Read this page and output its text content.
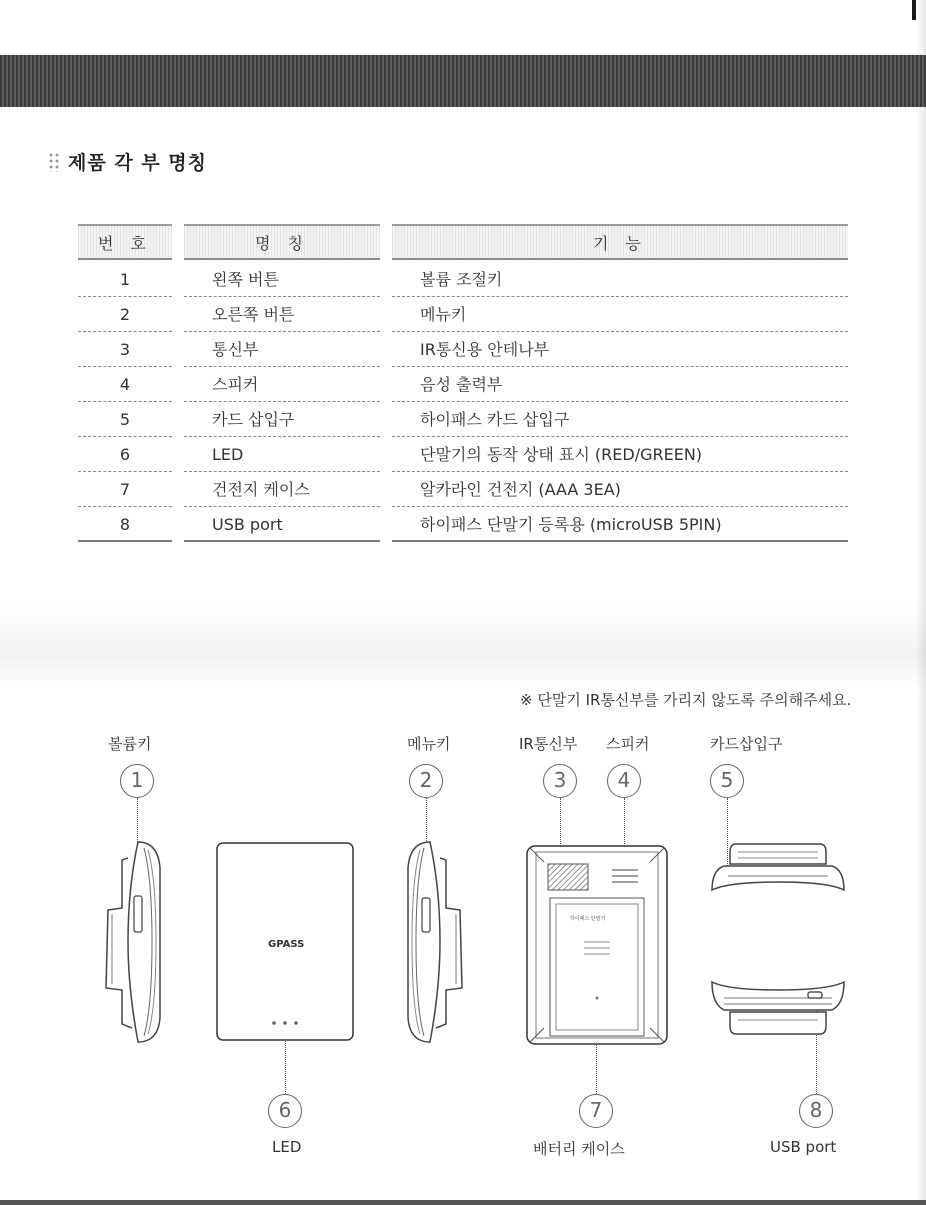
제품 각 부 명칭
번 호	명 칭	기 능
1	왼쪽 버튼	볼륨 조절키
2	오른쪽 버튼	메뉴키
3	통신부	IR통신용 안테나부
4	스피커	음성 출력부
5	카드 삽입구	하이패스 카드 삽입구
6	LED	단말기의 동작 상태 표시 (RED/GREEN)
7	건전지 케이스	알카라인 건전지 (AAA 3EA)
8	USB port	하이패스 단말기 등록용 (microUSB 5PIN)
※ 단말기 IR통신부를 가리지 않도록 주의해주세요.
볼륨키	메뉴키	IR통신부 스피커	카드삽입구
1	2	3	4	5
6	7	8
LED	배터리 케이스	USB port
GPASS
하이패스 단말기
